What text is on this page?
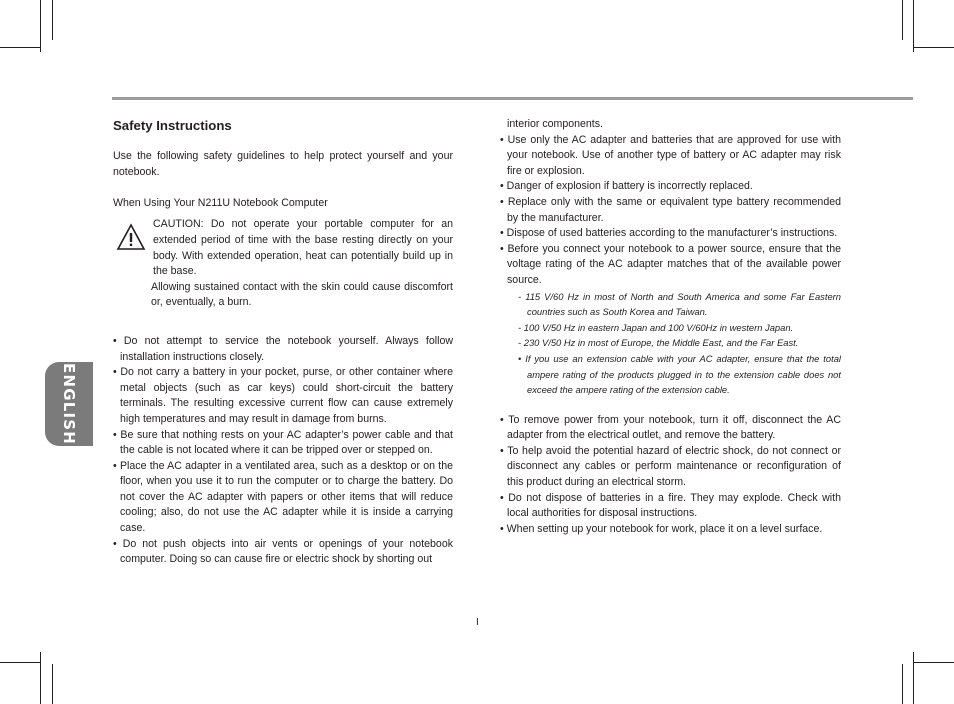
ENGLISH
Safety Instructions

Use the following safety guidelines to help protect yourself and your notebook.

When Using Your N211U Notebook Computer

CAUTION: Do not operate your portable computer for an extended period of time with the base resting directly on your body. With extended operation, heat can potentially build up in the base.

Allowing sustained contact with the skin could cause discomfort or, eventually, a burn.

• Do not attempt to service the notebook yourself. Always follow installation instructions closely.

• Do not carry a battery in your pocket, purse, or other container where metal objects (such as car keys) could short-circuit the battery terminals. The resulting excessive current flow can cause extremely high temperatures and may result in damage from burns.

• Be sure that nothing rests on your AC adapter’s power cable and that the cable is not located where it can be tripped over or stepped on.

• Place the AC adapter in a ventilated area, such as a desktop or on the floor, when you use it to run the computer or to charge the battery. Do not cover the AC adapter with papers or other items that will reduce cooling; also, do not use the AC adapter while it is inside a carrying case.

• Do not push objects into air vents or openings of your notebook computer. Doing so can cause fire or electric shock by shorting out

interior components.

• Use only the AC adapter and batteries that are approved for use with your notebook. Use of another type of battery or AC adapter may risk fire or explosion.

• Danger of explosion if battery is incorrectly replaced.

• Replace only with the same or equivalent type battery recommended by the manufacturer.

• Dispose of used batteries according to the manufacturer’s instructions.

• Before you connect your notebook to a power source, ensure that the voltage rating of the AC adapter matches that of the available power source.

- 115 V/60 Hz in most of North and South America and some Far Eastern countries such as South Korea and Taiwan.

- 100 V/50 Hz in eastern Japan and 100 V/60Hz in western Japan.

- 230 V/50 Hz in most of Europe, the Middle East, and the Far East.

• If you use an extension cable with your AC adapter, ensure that the total ampere rating of the products plugged in to the extension cable does not exceed the ampere rating of the extension cable.

• To remove power from your notebook, turn it off, disconnect the AC adapter from the electrical outlet, and remove the battery.

• To help avoid the potential hazard of electric shock, do not connect or disconnect any cables or perform maintenance or reconfiguration of this product during an electrical storm.

• Do not dispose of batteries in a fire. They may explode. Check with local authorities for disposal instructions.

• When setting up your notebook for work, place it on a level surface.

I
